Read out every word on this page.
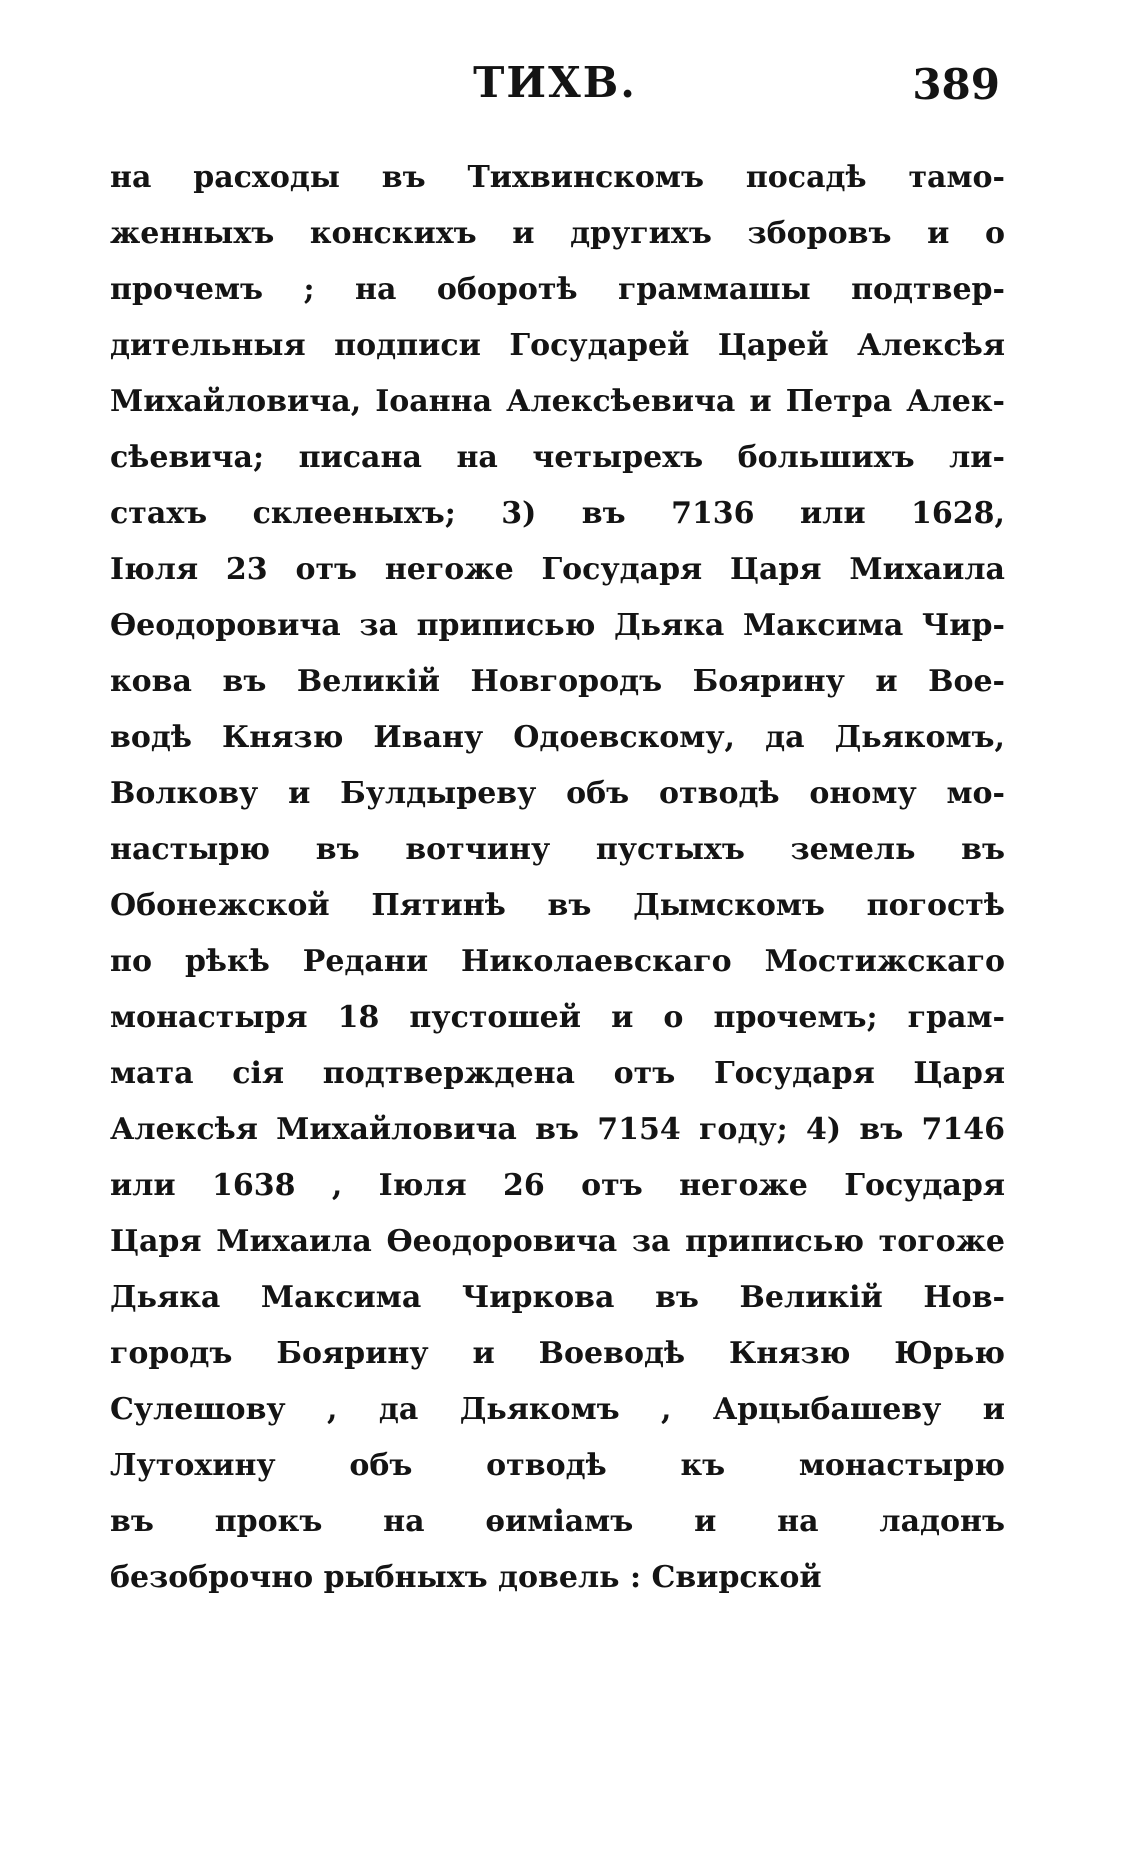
ТИХВ.	389
на расходы въ Тихвинскомъ посадѣ тамо-
женныхъ конскихъ и другихъ зборовъ и о
прочемъ ; на оборотѣ граммашы подтвер-
дительныя подписи Государей Царей Алексѣя
Михайловича, Іоанна Алексѣевича и Петра Алек-
сѣевича; писана на четырехъ большихъ ли-
стахъ склееныхъ; 3) въ 7136 или 1628,
Іюля 23 отъ негоже Государя Царя Михаила
Ѳеодоровича за приписью Дьяка Максима Чир-
кова въ Великій Новгородъ Боярину и Вое-
водѣ Князю Ивану Одоевскому, да Дьякомъ,
Волкову и Булдыреву объ отводѣ оному мо-
настырю въ вотчину пустыхъ земель въ
Обонежской Пятинѣ въ Дымскомъ погостѣ
по рѣкѣ Редани Николаевскаго Мостижскаго
монастыря 18 пустошей и о прочемъ; грам-
мата сія подтверждена отъ Государя Царя
Алексѣя Михайловича въ 7154 году; 4) въ 7146
или 1638 , Іюля 26 отъ негоже Государя
Царя Михаила Ѳеодоровича за приписью тогоже
Дьяка Максима Чиркова въ Великій Нов-
городъ Боярину и Воеводѣ Князю Юрью
Сулешову , да Дьякомъ , Арцыбашеву и
Лутохину объ отводѣ къ монастырю
въ прокъ на ѳиміамъ и на ладонъ
безоброчно рыбныхъ довель : Свирской
